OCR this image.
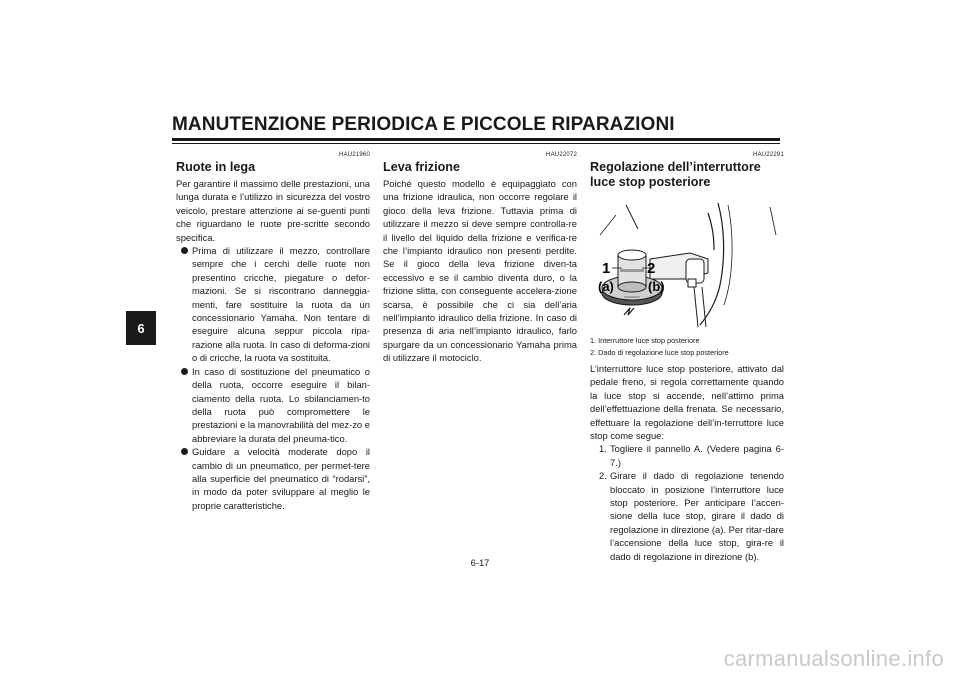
MANUTENZIONE PERIODICA E PICCOLE RIPARAZIONI
6
HAU21960
Ruote in lega

Per garantire il massimo delle prestazioni, una lunga durata e l’utilizzo in sicurezza del vostro veicolo, prestare attenzione ai se-guenti punti che riguardano le ruote pre-scritte secondo specifica.

Prima di utilizzare il mezzo, controllare sempre che i cerchi delle ruote non presentino cricche, piegature o defor-mazioni. Se si riscontrano danneggia-menti, fare sostituire la ruota da un concessionario Yamaha. Non tentare di eseguire alcuna seppur piccola ripa-razione alla ruota. In caso di deforma-zioni o di cricche, la ruota va sostituita.
In caso di sostituzione del pneumatico o della ruota, occorre eseguire il bilan-ciamento della ruota. Lo sbilanciamen-to della ruota può compromettere le prestazioni e la manovrabilità del mez-zo e abbreviare la durata del pneuma-tico.
Guidare a velocità moderate dopo il cambio di un pneumatico, per permet-tere alla superficie del pneumatico di “rodarsi”, in modo da poter sviluppare al meglio le proprie caratteristiche.
HAU22072
Leva frizione

Poiché questo modello è equipaggiato con una frizione idraulica, non occorre regolare il gioco della leva frizione. Tuttavia prima di utilizzare il mezzo si deve sempre controlla-re il livello del liquido della frizione e verifica-re che l’impianto idraulico non presenti perdite. Se il gioco della leva frizione diven-ta eccessivo e se il cambio diventa duro, o la frizione slitta, con conseguente accelera-zione scarsa, è possibile che ci sia dell’aria nell’impianto idraulico della frizione. In caso di presenza di aria nell’impianto idraulico, farlo spurgare da un concessionario Yamaha prima di utilizzare il motociclo.

HAU22291
Regolazione dell’interruttore luce stop posteriore
1 2
(a)	(b)
1. Interruttore luce stop posteriore
2. Dado di regolazione luce stop posteriore

L’interruttore luce stop posteriore, attivato dal pedale freno, si regola correttamente quando la luce stop si accende, nell’attimo prima dell’effettuazione della frenata. Se necessario, effettuare la regolazione dell’in-terruttore luce stop come segue:

1. Togliere il pannello A. (Vedere pagina 6-7.)
2. Girare il dado di regolazione tenendo bloccato in posizione l’interruttore luce stop posteriore. Per anticipare l’accen-sione della luce stop, girare il dado di regolazione in direzione (a). Per ritar-dare l’accensione della luce stop, gira-re il dado di regolazione in direzione (b).
6-17
carmanualsonline.info
